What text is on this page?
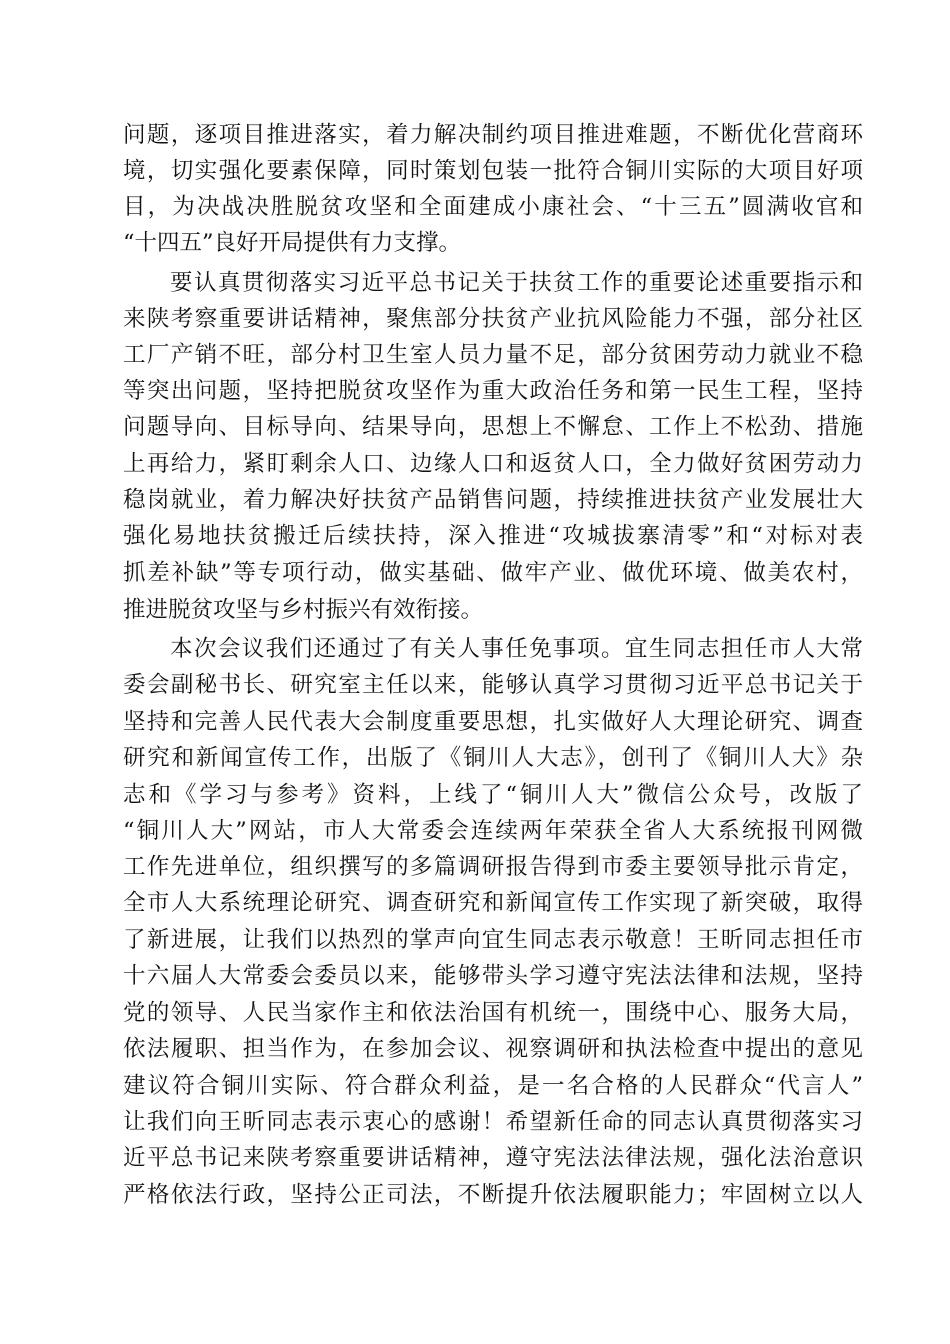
问题，逐项目推进落实，着力解决制约项目推进难题，不断优化营商环
境，切实强化要素保障，同时策划包装一批符合铜川实际的大项目好项
目，为决战决胜脱贫攻坚和全面建成小康社会、“十三五”圆满收官和
“十四五”良好开局提供有力支撑。
要认真贯彻落实习近平总书记关于扶贫工作的重要论述重要指示和
来陕考察重要讲话精神，聚焦部分扶贫产业抗风险能力不强，部分社区
工厂产销不旺，部分村卫生室人员力量不足，部分贫困劳动力就业不稳
等突出问题，坚持把脱贫攻坚作为重大政治任务和第一民生工程，坚持
问题导向、目标导向、结果导向，思想上不懈怠、工作上不松劲、措施
上再给力，紧盯剩余人口、边缘人口和返贫人口，全力做好贫困劳动力
稳岗就业，着力解决好扶贫产品销售问题，持续推进扶贫产业发展壮大
强化易地扶贫搬迁后续扶持，深入推进“攻城拔寨清零”和“对标对表
抓差补缺”等专项行动，做实基础、做牢产业、做优环境、做美农村，
推进脱贫攻坚与乡村振兴有效衔接。
本次会议我们还通过了有关人事任免事项。宜生同志担任市人大常
委会副秘书长、研究室主任以来，能够认真学习贯彻习近平总书记关于
坚持和完善人民代表大会制度重要思想，扎实做好人大理论研究、调查
研究和新闻宣传工作，出版了《铜川人大志》，创刊了《铜川人大》杂
志和《学习与参考》资料，上线了“铜川人大”微信公众号，改版了
“铜川人大”网站，市人大常委会连续两年荣获全省人大系统报刊网微
工作先进单位，组织撰写的多篇调研报告得到市委主要领导批示肯定，
全市人大系统理论研究、调查研究和新闻宣传工作实现了新突破，取得
了新进展，让我们以热烈的掌声向宜生同志表示敬意！王昕同志担任市
十六届人大常委会委员以来，能够带头学习遵守宪法法律和法规，坚持
党的领导、人民当家作主和依法治国有机统一，围绕中心、服务大局，
依法履职、担当作为，在参加会议、视察调研和执法检查中提出的意见
建议符合铜川实际、符合群众利益，是一名合格的人民群众“代言人”
让我们向王昕同志表示衷心的感谢！希望新任命的同志认真贯彻落实习
近平总书记来陕考察重要讲话精神，遵守宪法法律法规，强化法治意识
严格依法行政，坚持公正司法，不断提升依法履职能力；牢固树立以人
